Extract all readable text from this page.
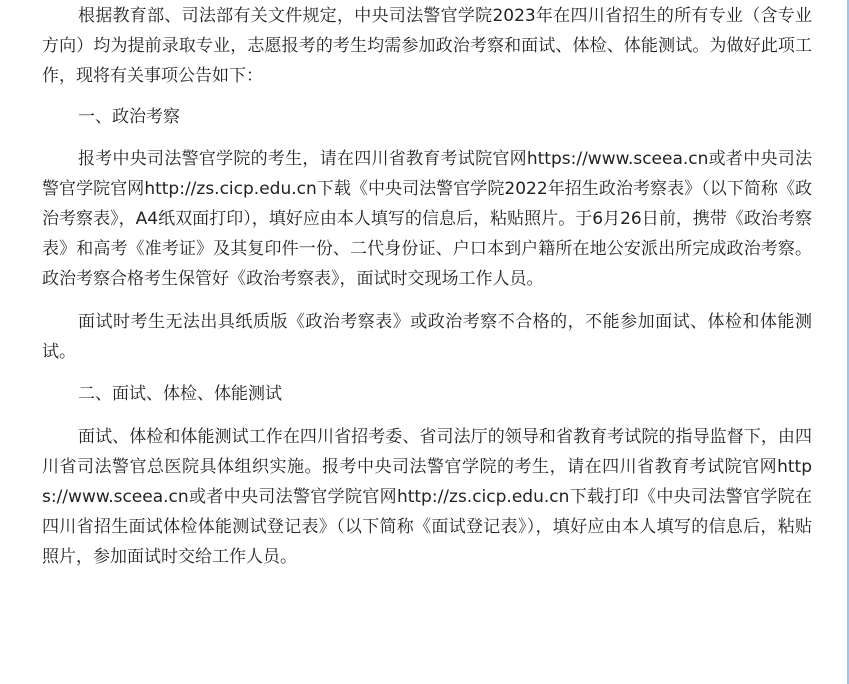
根据教育部、司法部有关文件规定，中央司法警官学院2023年在四川省招生的所有专业（含专业方向）均为提前录取专业，志愿报考的考生均需参加政治考察和面试、体检、体能测试。为做好此项工作，现将有关事项公告如下：

一、政治考察

报考中央司法警官学院的考生，请在四川省教育考试院官网https://www.sceea.cn或者中央司法警官学院官网http://zs.cicp.edu.cn下载《中央司法警官学院2022年招生政治考察表》（以下简称《政治考察表》，A4纸双面打印），填好应由本人填写的信息后，粘贴照片。于6月26日前，携带《政治考察表》和高考《准考证》及其复印件一份、二代身份证、户口本到户籍所在地公安派出所完成政治考察。政治考察合格考生保管好《政治考察表》，面试时交现场工作人员。

面试时考生无法出具纸质版《政治考察表》或政治考察不合格的，不能参加面试、体检和体能测试。

二、面试、体检、体能测试

面试、体检和体能测试工作在四川省招考委、省司法厅的领导和省教育考试院的指导监督下，由四川省司法警官总医院具体组织实施。报考中央司法警官学院的考生，请在四川省教育考试院官网https://www.sceea.cn或者中央司法警官学院官网http://zs.cicp.edu.cn下载打印《中央司法警官学院在四川省招生面试体检体能测试登记表》（以下简称《面试登记表》），填好应由本人填写的信息后，粘贴照片，参加面试时交给工作人员。
